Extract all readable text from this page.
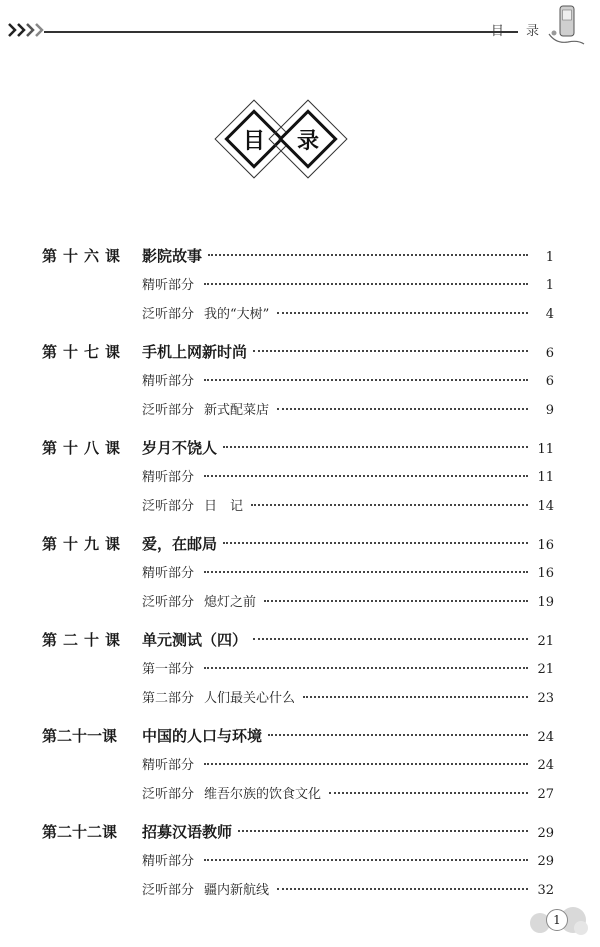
目 录
目	录
第十六课	影院故事	1
精听部分	1
泛听部分 我的“大树”	4
第十七课	手机上网新时尚	6
精听部分	6
泛听部分 新式配菜店	9
第十八课	岁月不饶人	11
精听部分	11
泛听部分 日　记	14
第十九课	爱，在邮局	16
精听部分	16
泛听部分 熄灯之前	19
第二十课	单元测试（四）	21
第一部分	21
第二部分 人们最关心什么	23
第二十一课	中国的人口与环境	24
精听部分	24
泛听部分 维吾尔族的饮食文化	27
第二十二课	招募汉语教师	29
精听部分	29
泛听部分 疆内新航线	32
1
